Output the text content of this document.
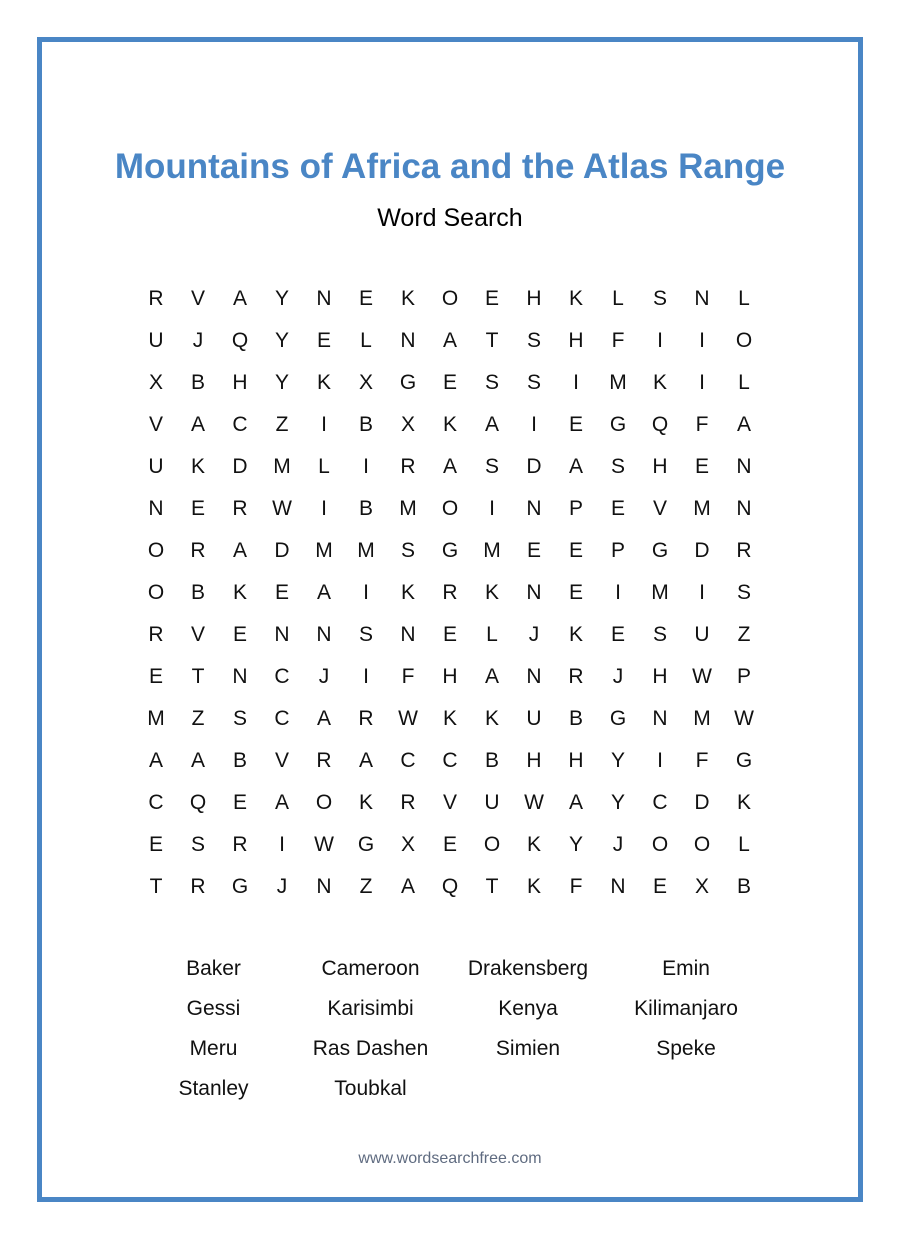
Mountains of Africa and the Atlas Range
Word Search
R	V	A	Y	N	E	K	O	E	H	K	L	S	N	L
U	J	Q	Y	E	L	N	A	T	S	H	F	I	I	O
X	B	H	Y	K	X	G	E	S	S	I	M	K	I	L
V	A	C	Z	I	B	X	K	A	I	E	G	Q	F	A
U	K	D	M	L	I	R	A	S	D	A	S	H	E	N
N	E	R	W	I	B	M	O	I	N	P	E	V	M	N
O	R	A	D	M	M	S	G	M	E	E	P	G	D	R
O	B	K	E	A	I	K	R	K	N	E	I	M	I	S
R	V	E	N	N	S	N	E	L	J	K	E	S	U	Z
E	T	N	C	J	I	F	H	A	N	R	J	H	W	P
M	Z	S	C	A	R	W	K	K	U	B	G	N	M	W
A	A	B	V	R	A	C	C	B	H	H	Y	I	F	G
C	Q	E	A	O	K	R	V	U	W	A	Y	C	D	K
E	S	R	I	W	G	X	E	O	K	Y	J	O	O	L
T	R	G	J	N	Z	A	Q	T	K	F	N	E	X	B
Baker	Cameroon	Drakensberg	Emin
Gessi	Karisimbi	Kenya	Kilimanjaro
Meru	Ras Dashen	Simien	Speke
Stanley	Toubkal
www.wordsearchfree.com
